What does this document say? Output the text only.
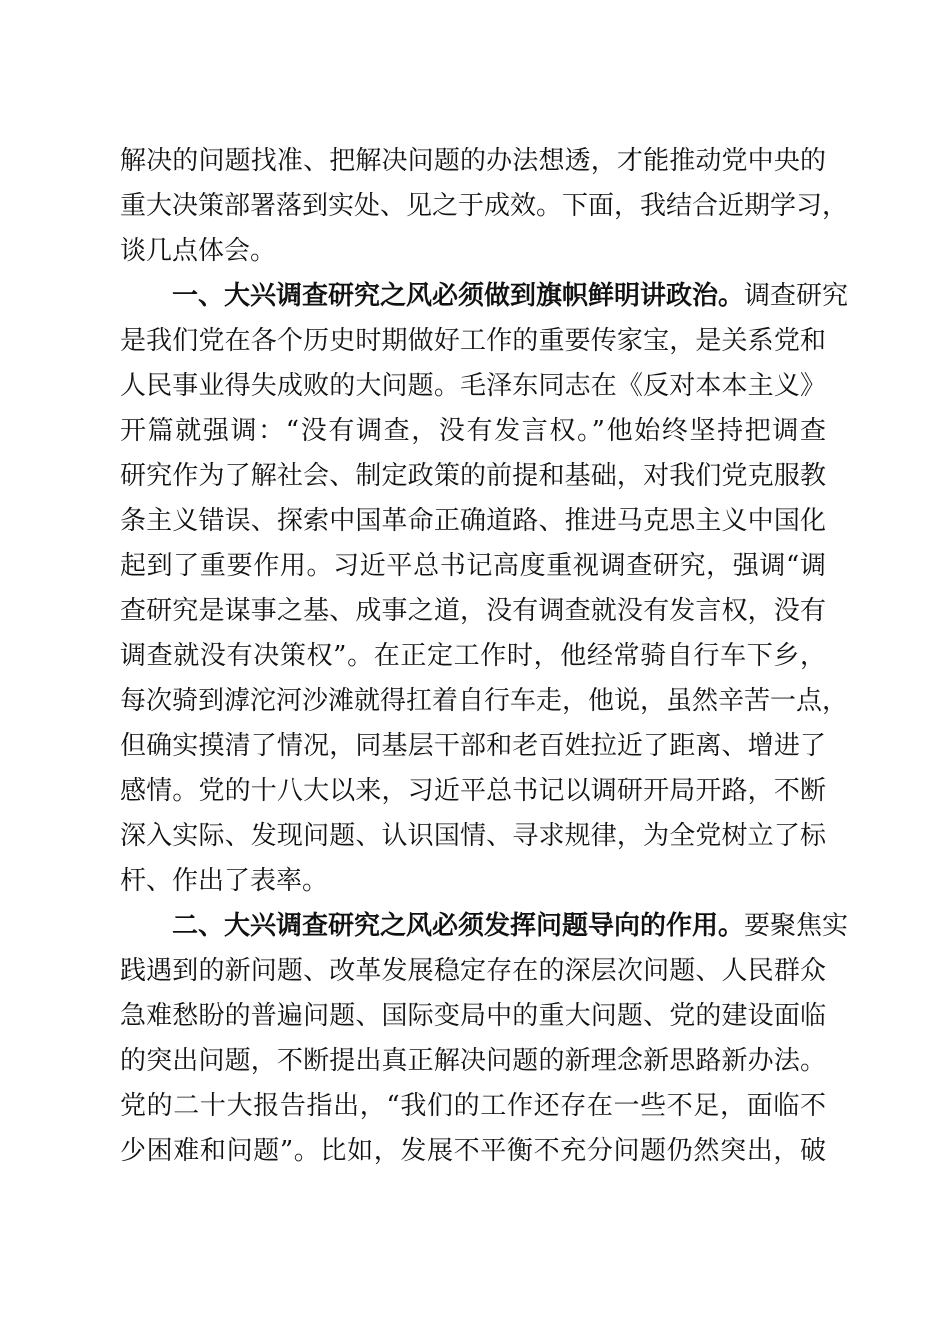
解决的问题找准、把解决问题的办法想透，才能推动党中央的
重大决策部署落到实处、见之于成效。下面，我结合近期学习，
谈几点体会。
一、大兴调查研究之风必须做到旗帜鲜明讲政治。调查研究
是我们党在各个历史时期做好工作的重要传家宝，是关系党和
人民事业得失成败的大问题。毛泽东同志在《反对本本主义》
开篇就强调：“没有调查，没有发言权。”他始终坚持把调查
研究作为了解社会、制定政策的前提和基础，对我们党克服教
条主义错误、探索中国革命正确道路、推进马克思主义中国化
起到了重要作用。习近平总书记高度重视调查研究，强调“调
查研究是谋事之基、成事之道，没有调查就没有发言权，没有
调查就没有决策权”。在正定工作时，他经常骑自行车下乡，
每次骑到滹沱河沙滩就得扛着自行车走，他说，虽然辛苦一点，
但确实摸清了情况，同基层干部和老百姓拉近了距离、增进了
感情。党的十八大以来，习近平总书记以调研开局开路，不断
深入实际、发现问题、认识国情、寻求规律，为全党树立了标
杆、作出了表率。
二、大兴调查研究之风必须发挥问题导向的作用。要聚焦实
践遇到的新问题、改革发展稳定存在的深层次问题、人民群众
急难愁盼的普遍问题、国际变局中的重大问题、党的建设面临
的突出问题，不断提出真正解决问题的新理念新思路新办法。
党的二十大报告指出，“我们的工作还存在一些不足，面临不
少困难和问题”。比如，发展不平衡不充分问题仍然突出，破
